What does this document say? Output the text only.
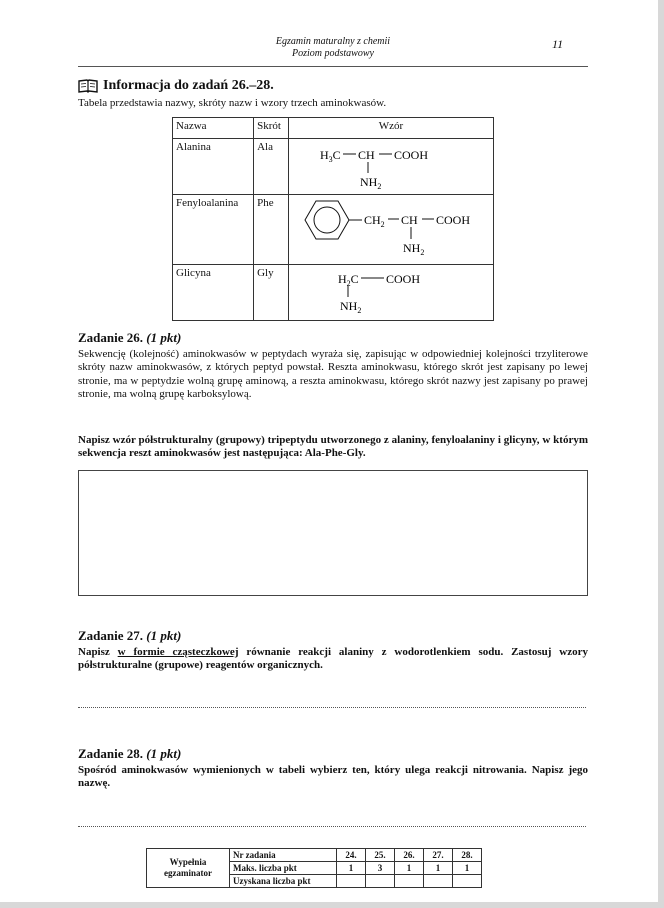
Egzamin maturalny z chemii
Poziom podstawowy
11
Informacja do zadań 26.–28.
Tabela przedstawia nazwy, skróty nazw i wzory trzech aminokwasów.
Nazwa	Skrót	Wzór
Alanina	Ala	$H_3C$ CH COOH
$NH_2$

Fenyloalanina	Phe	$CH_2$ CH COOH
$NH_2$

Glicyna	Gly	$H_2C$ COOH
$NH_2$
Zadanie 26. (1 pkt)
Sekwencję (kolejność) aminokwasów w peptydach wyraża się, zapisując w odpowiedniej kolejności trzyliterowe skróty nazw aminokwasów, z których peptyd powstał. Reszta aminokwasu, którego skrót jest zapisany po lewej stronie, ma w peptydzie wolną grupę aminową, a reszta aminokwasu, którego skrót nazwy jest zapisany po prawej stronie, ma wolną grupę karboksylową.
Napisz wzór półstrukturalny (grupowy) tripeptydu utworzonego z alaniny, fenyloalaniny i glicyny, w którym sekwencja reszt aminokwasów jest następująca: Ala-Phe-Gly.
Zadanie 27. (1 pkt)
Napisz w formie cząsteczkowej równanie reakcji alaniny z wodorotlenkiem sodu. Zastosuj wzory półstrukturalne (grupowe) reagentów organicznych.
Zadanie 28. (1 pkt)
Spośród aminokwasów wymienionych w tabeli wybierz ten, który ulega reakcji nitrowania. Napisz jego nazwę.
Wypełnia egzaminator	Nr zadania	24.	25.	26.	27.	28.
	Maks. liczba pkt	1	3	1	1	1
	Uzyskana liczba pkt					
